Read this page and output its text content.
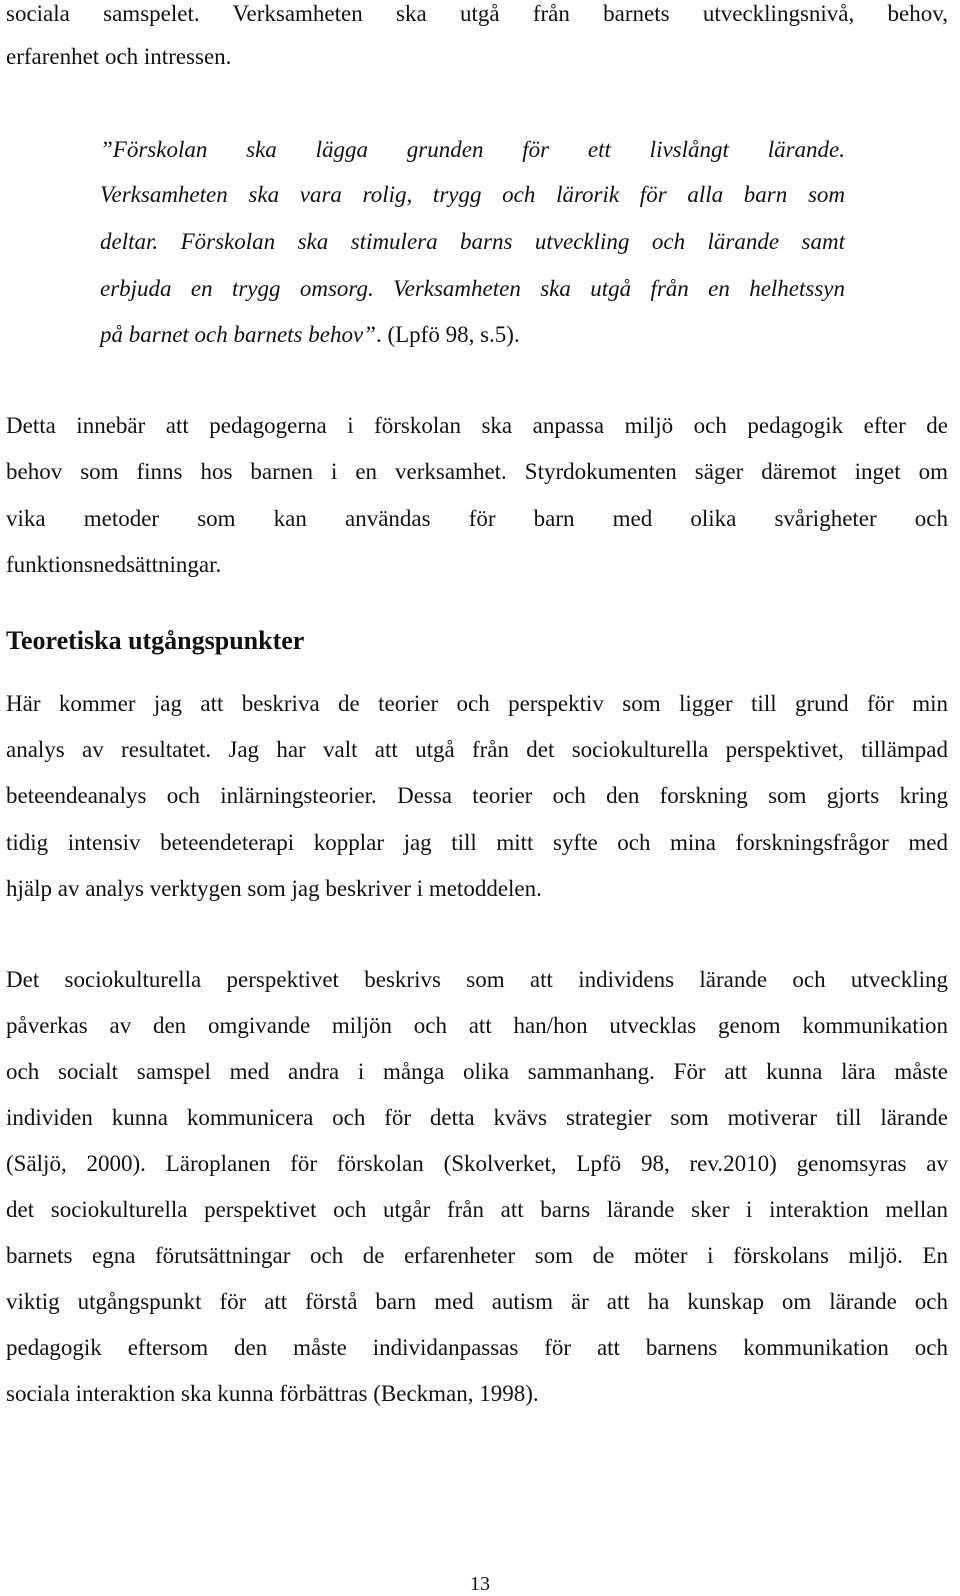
sociala samspelet. Verksamheten ska utgå från barnets utvecklingsnivå, behov,

erfarenhet och intressen.

”Förskolan ska lägga grunden för ett livslångt lärande.

Verksamheten ska vara rolig, trygg och lärorik för alla barn som

deltar. Förskolan ska stimulera barns utveckling och lärande samt

erbjuda en trygg omsorg. Verksamheten ska utgå från en helhetssyn

på barnet och barnets behov”. (Lpfö 98, s.5).

Detta innebär att pedagogerna i förskolan ska anpassa miljö och pedagogik efter de

behov som finns hos barnen i en verksamhet. Styrdokumenten säger däremot inget om

vika metoder som kan användas för barn med olika svårigheter och

funktionsnedsättningar.

Teoretiska utgångspunkter

Här kommer jag att beskriva de teorier och perspektiv som ligger till grund för min

analys av resultatet. Jag har valt att utgå från det sociokulturella perspektivet, tillämpad

beteendeanalys och inlärningsteorier. Dessa teorier och den forskning som gjorts kring

tidig intensiv beteendeterapi kopplar jag till mitt syfte och mina forskningsfrågor med

hjälp av analys verktygen som jag beskriver i metoddelen.

Det sociokulturella perspektivet beskrivs som att individens lärande och utveckling

påverkas av den omgivande miljön och att han/hon utvecklas genom kommunikation

och socialt samspel med andra i många olika sammanhang. För att kunna lära måste

individen kunna kommunicera och för detta kvävs strategier som motiverar till lärande

(Säljö, 2000). Läroplanen för förskolan (Skolverket, Lpfö 98, rev.2010) genomsyras av

det sociokulturella perspektivet och utgår från att barns lärande sker i interaktion mellan

barnets egna förutsättningar och de erfarenheter som de möter i förskolans miljö. En

viktig utgångspunkt för att förstå barn med autism är att ha kunskap om lärande och

pedagogik eftersom den måste individanpassas för att barnens kommunikation och

sociala interaktion ska kunna förbättras (Beckman, 1998).

13
